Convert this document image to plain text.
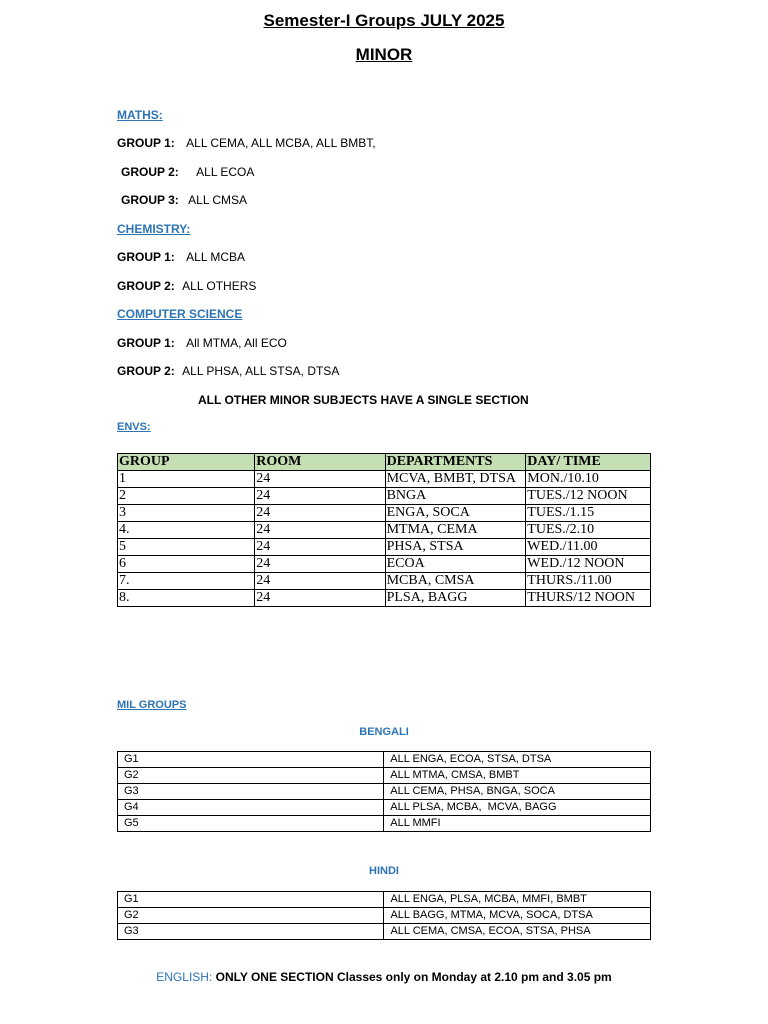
Semester-I Groups JULY 2025
MINOR
MATHS:
GROUP 1: ALL CEMA, ALL MCBA, ALL BMBT,
GROUP 2: ALL ECOA
GROUP 3: ALL CMSA
CHEMISTRY:
GROUP 1: ALL MCBA
GROUP 2: ALL OTHERS
COMPUTER SCIENCE
GROUP 1: All MTMA, All ECO
GROUP 2: ALL PHSA, ALL STSA, DTSA
ALL OTHER MINOR SUBJECTS HAVE A SINGLE SECTION
ENVS:
GROUP	ROOM	DEPARTMENTS	DAY/ TIME
1	24	MCVA, BMBT, DTSA	MON./10.10
2	24	BNGA	TUES./12 NOON
3	24	ENGA, SOCA	TUES./1.15
4.	24	MTMA, CEMA	TUES./2.10
5	24	PHSA, STSA	WED./11.00
6	24	ECOA	WED./12 NOON
7.	24	MCBA, CMSA	THURS./11.00
8.	24	PLSA, BAGG	THURS/12 NOON
MIL GROUPS
BENGALI
G1	ALL ENGA, ECOA, STSA, DTSA
G2	ALL MTMA, CMSA, BMBT
G3	ALL CEMA, PHSA, BNGA, SOCA
G4	ALL PLSA, MCBA,  MCVA, BAGG
G5	ALL MMFI
HINDI
G1	ALL ENGA, PLSA, MCBA, MMFI, BMBT
G2	ALL BAGG, MTMA, MCVA, SOCA, DTSA
G3	ALL CEMA, CMSA, ECOA, STSA, PHSA
ENGLISH: ONLY ONE SECTION Classes only on Monday at 2.10 pm and 3.05 pm
